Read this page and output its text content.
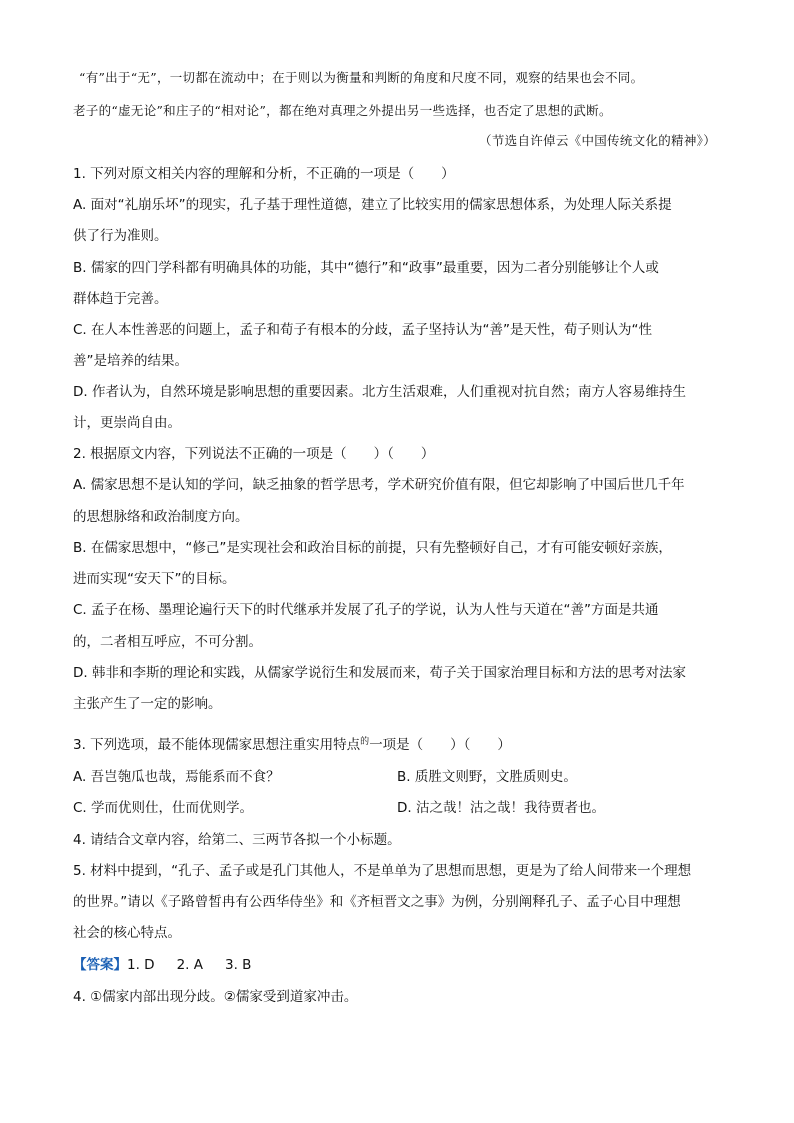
“有”出于“无”，一切都在流动中；在于则以为衡量和判断的角度和尺度不同，观察的结果也会不同。
老子的“虚无论”和庄子的“相对论”，都在绝对真理之外提出另一些选择，也否定了思想的武断。
（节选自许倬云《中国传统文化的精神》）
1. 下列对原文相关内容的理解和分析，不正确的一项是（　　）
A. 面对“礼崩乐坏”的现实，孔子基于理性道德，建立了比较实用的儒家思想体系，为处理人际关系提
供了行为准则。
B. 儒家的四门学科都有明确具体的功能，其中“德行”和“政事”最重要，因为二者分别能够让个人或
群体趋于完善。
C. 在人本性善恶的问题上，孟子和荀子有根本的分歧，孟子坚持认为“善”是天性，荀子则认为“性
善”是培养的结果。
D. 作者认为，自然环境是影响思想的重要因素。北方生活艰难，人们重视对抗自然；南方人容易维持生
计，更崇尚自由。
2. 根据原文内容，下列说法不正确的一项是（　　）（　　）
A. 儒家思想不是认知的学问，缺乏抽象的哲学思考，学术研究价值有限，但它却影响了中国后世几千年
的思想脉络和政治制度方向。
B. 在儒家思想中，“修己”是实现社会和政治目标的前提，只有先整顿好自己，才有可能安顿好亲族，
进而实现“安天下”的目标。
C. 孟子在杨、墨理论遍行天下的时代继承并发展了孔子的学说，认为人性与天道在“善”方面是共通
的，二者相互呼应，不可分割。
D. 韩非和李斯的理论和实践，从儒家学说衍生和发展而来，荀子关于国家治理目标和方法的思考对法家
主张产生了一定的影响。
3. 下列选项，最不能体现儒家思想注重实用特点$^的$一项是（　　）（　　）
A. 吾岂匏瓜也哉，焉能系而不食？	B. 质胜文则野，文胜质则史。
C. 学而优则仕，仕而优则学。	D. 沽之哉！沽之哉！我待贾者也。
4. 请结合文章内容，给第二、三两节各拟一个小标题。
5. 材料中提到，“孔子、孟子或是孔门其他人，不是单单为了思想而思想，更是为了给人间带来一个理想
的世界。”请以《子路曾皙冉有公西华侍坐》和《齐桓晋文之事》为例，分别阐释孔子、孟子心目中理想
社会的核心特点。
【答案】1. D 2. A 3. B
4. ①儒家内部出现分歧。②儒家受到道家冲击。
